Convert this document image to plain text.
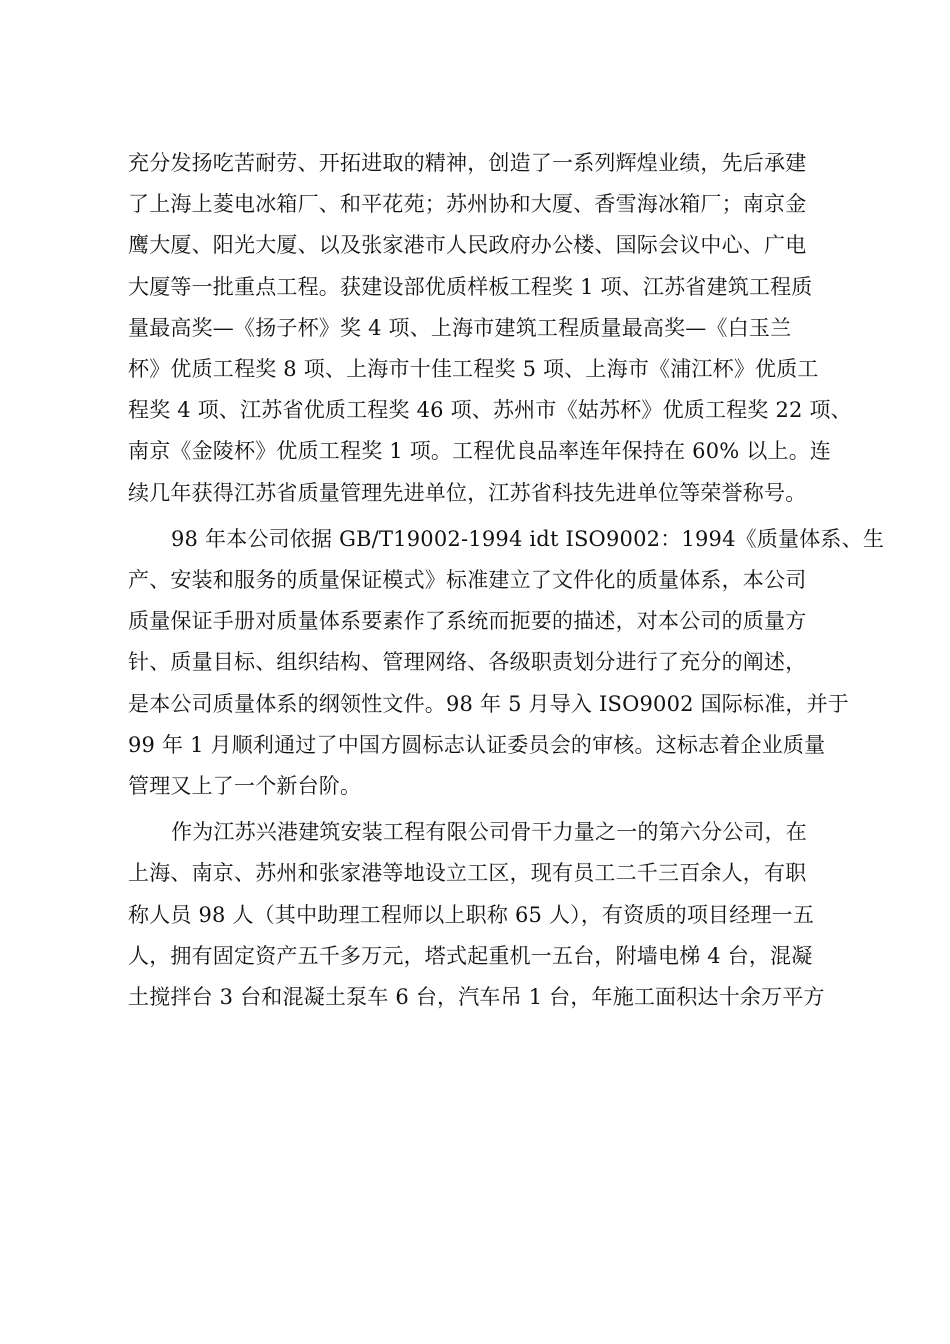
充分发扬吃苦耐劳、开拓进取的精神，创造了一系列辉煌业绩，先后承建
了上海上菱电冰箱厂、和平花苑；苏州协和大厦、香雪海冰箱厂；南京金
鹰大厦、阳光大厦、以及张家港市人民政府办公楼、国际会议中心、广电
大厦等一批重点工程。获建设部优质样板工程奖 1 项、江苏省建筑工程质
量最高奖—《扬子杯》奖 4 项、上海市建筑工程质量最高奖—《白玉兰
杯》优质工程奖 8 项、上海市十佳工程奖 5 项、上海市《浦江杯》优质工
程奖 4 项、江苏省优质工程奖 46 项、苏州市《姑苏杯》优质工程奖 22 项、
南京《金陵杯》优质工程奖 1 项。工程优良品率连年保持在 60% 以上。连
续几年获得江苏省质量管理先进单位，江苏省科技先进单位等荣誉称号。

98 年本公司依据 GB/T19002-1994 idt ISO9002：1994《质量体系、生
产、安装和服务的质量保证模式》标准建立了文件化的质量体系，本公司
质量保证手册对质量体系要素作了系统而扼要的描述，对本公司的质量方
针、质量目标、组织结构、管理网络、各级职责划分进行了充分的阐述，
是本公司质量体系的纲领性文件。98 年 5 月导入 ISO9002 国际标准，并于
99 年 1 月顺利通过了中国方圆标志认证委员会的审核。这标志着企业质量
管理又上了一个新台阶。

作为江苏兴港建筑安装工程有限公司骨干力量之一的第六分公司，在
上海、南京、苏州和张家港等地设立工区，现有员工二千三百余人，有职
称人员 98 人（其中助理工程师以上职称 65 人），有资质的项目经理一五
人，拥有固定资产五千多万元，塔式起重机一五台，附墙电梯 4 台，混凝
土搅拌台 3 台和混凝土泵车 6 台，汽车吊 1 台，年施工面积达十余万平方
